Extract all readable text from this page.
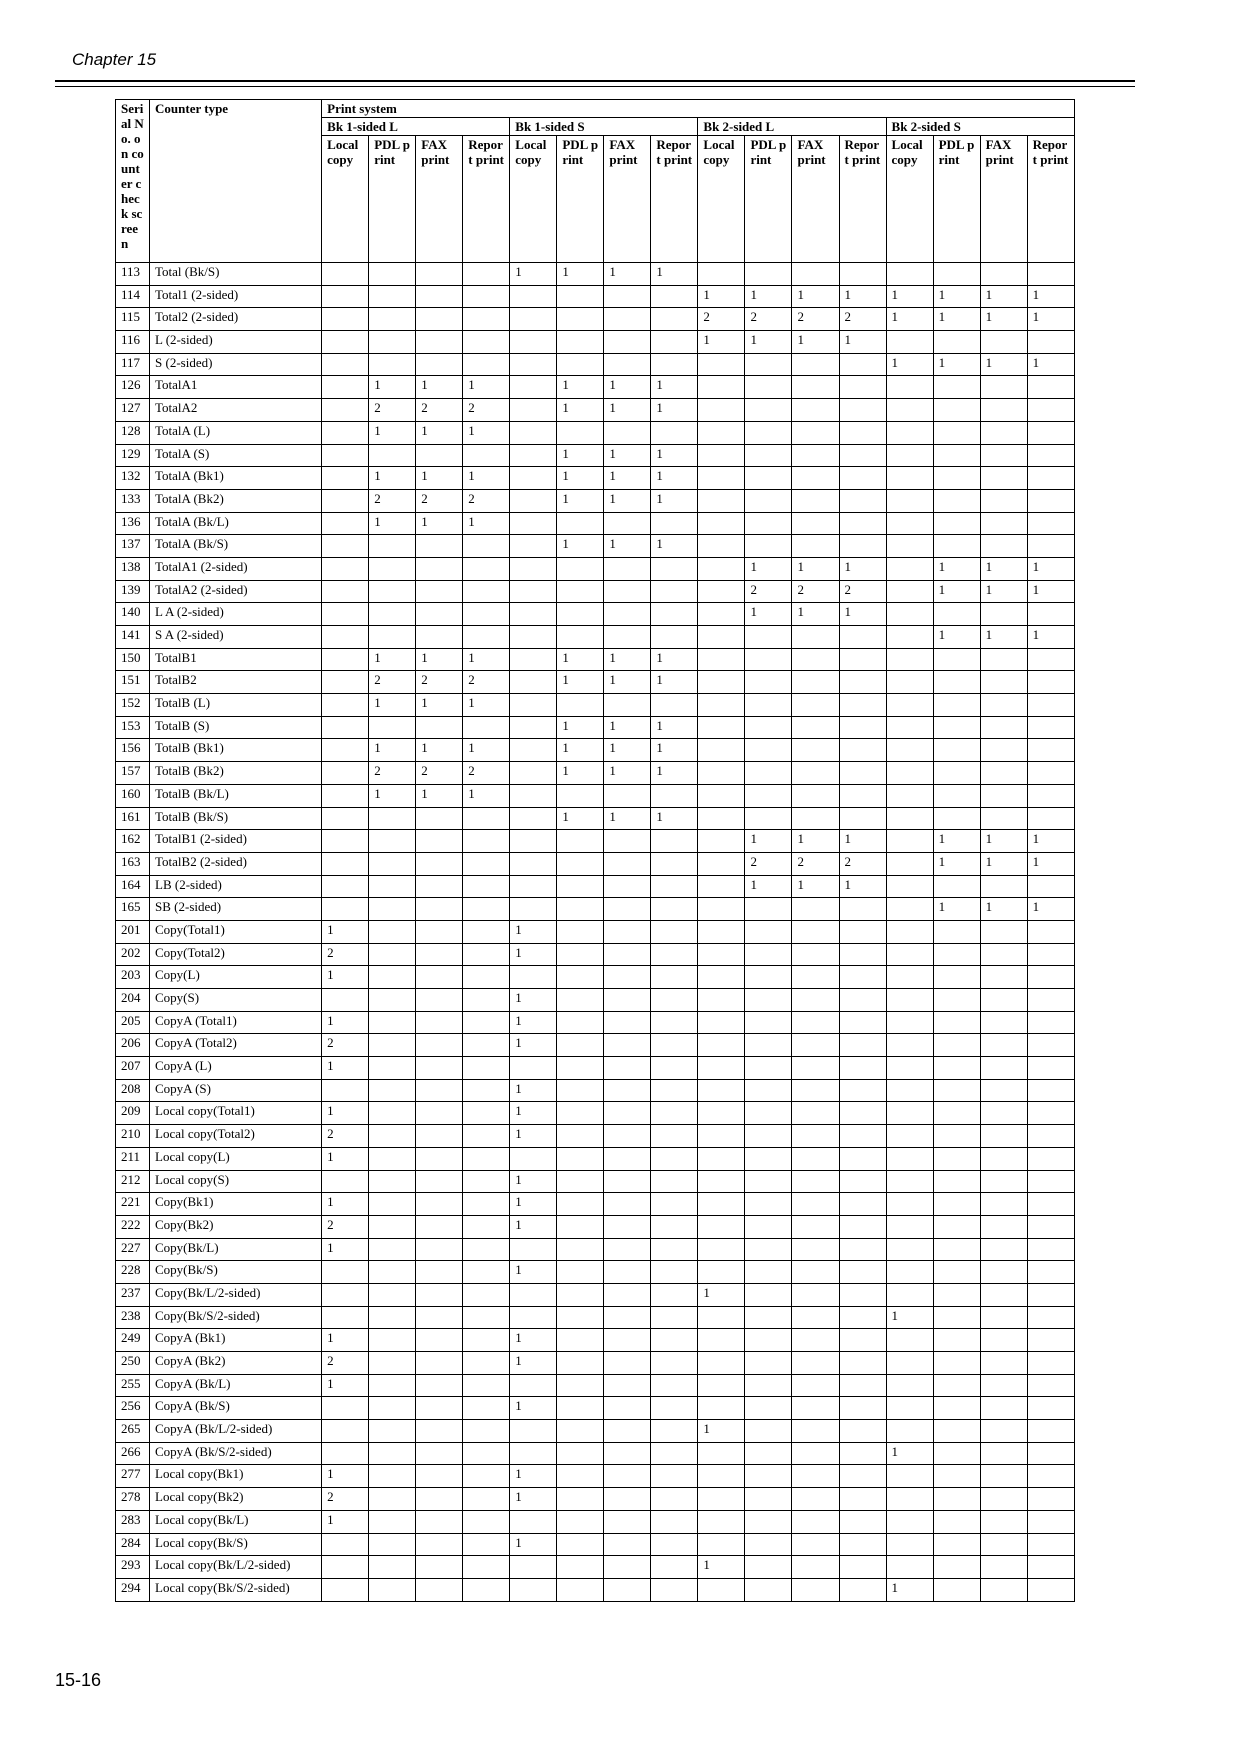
Chapter 15
Serial No. on counter check screen	Counter type	Print system															
		Bk 1-sided L				Bk 1-sided S				Bk 2-sided L				Bk 2-sided S			
		Local copy	PDL print	FAX print	Report print	Local copy	PDL print	FAX print	Report print	Local copy	PDL print	FAX print	Report print	Local copy	PDL print	FAX print	Report print
113	Total (Bk/S)					1	1	1	1								
114	Total1 (2-sided)									1	1	1	1	1	1	1	1
115	Total2 (2-sided)									2	2	2	2	1	1	1	1
116	L (2-sided)									1	1	1	1				
117	S (2-sided)													1	1	1	1
126	TotalA1		1	1	1		1	1	1								
127	TotalA2		2	2	2		1	1	1								
128	TotalA (L)		1	1	1												
129	TotalA (S)						1	1	1								
132	TotalA (Bk1)		1	1	1		1	1	1								
133	TotalA (Bk2)		2	2	2		1	1	1								
136	TotalA (Bk/L)		1	1	1												
137	TotalA (Bk/S)						1	1	1								
138	TotalA1 (2-sided)										1	1	1		1	1	1
139	TotalA2 (2-sided)										2	2	2		1	1	1
140	L A (2-sided)										1	1	1				
141	S A (2-sided)														1	1	1
150	TotalB1		1	1	1		1	1	1								
151	TotalB2		2	2	2		1	1	1								
152	TotalB (L)		1	1	1												
153	TotalB (S)						1	1	1								
156	TotalB (Bk1)		1	1	1		1	1	1								
157	TotalB (Bk2)		2	2	2		1	1	1								
160	TotalB (Bk/L)		1	1	1												
161	TotalB (Bk/S)						1	1	1								
162	TotalB1 (2-sided)										1	1	1		1	1	1
163	TotalB2 (2-sided)										2	2	2		1	1	1
164	LB (2-sided)										1	1	1				
165	SB (2-sided)														1	1	1
201	Copy(Total1)	1				1											
202	Copy(Total2)	2				1											
203	Copy(L)	1															
204	Copy(S)					1											
205	CopyA (Total1)	1				1											
206	CopyA (Total2)	2				1											
207	CopyA (L)	1															
208	CopyA (S)					1											
209	Local copy(Total1)	1				1											
210	Local copy(Total2)	2				1											
211	Local copy(L)	1															
212	Local copy(S)					1											
221	Copy(Bk1)	1				1											
222	Copy(Bk2)	2				1											
227	Copy(Bk/L)	1															
228	Copy(Bk/S)					1											
237	Copy(Bk/L/2-sided)									1							
238	Copy(Bk/S/2-sided)													1			
249	CopyA (Bk1)	1				1											
250	CopyA (Bk2)	2				1											
255	CopyA (Bk/L)	1															
256	CopyA (Bk/S)					1											
265	CopyA (Bk/L/2-sided)									1							
266	CopyA (Bk/S/2-sided)													1			
277	Local copy(Bk1)	1				1											
278	Local copy(Bk2)	2				1											
283	Local copy(Bk/L)	1															
284	Local copy(Bk/S)					1											
293	Local copy(Bk/L/2-sided)									1							
294	Local copy(Bk/S/2-sided)													1			
15-16
